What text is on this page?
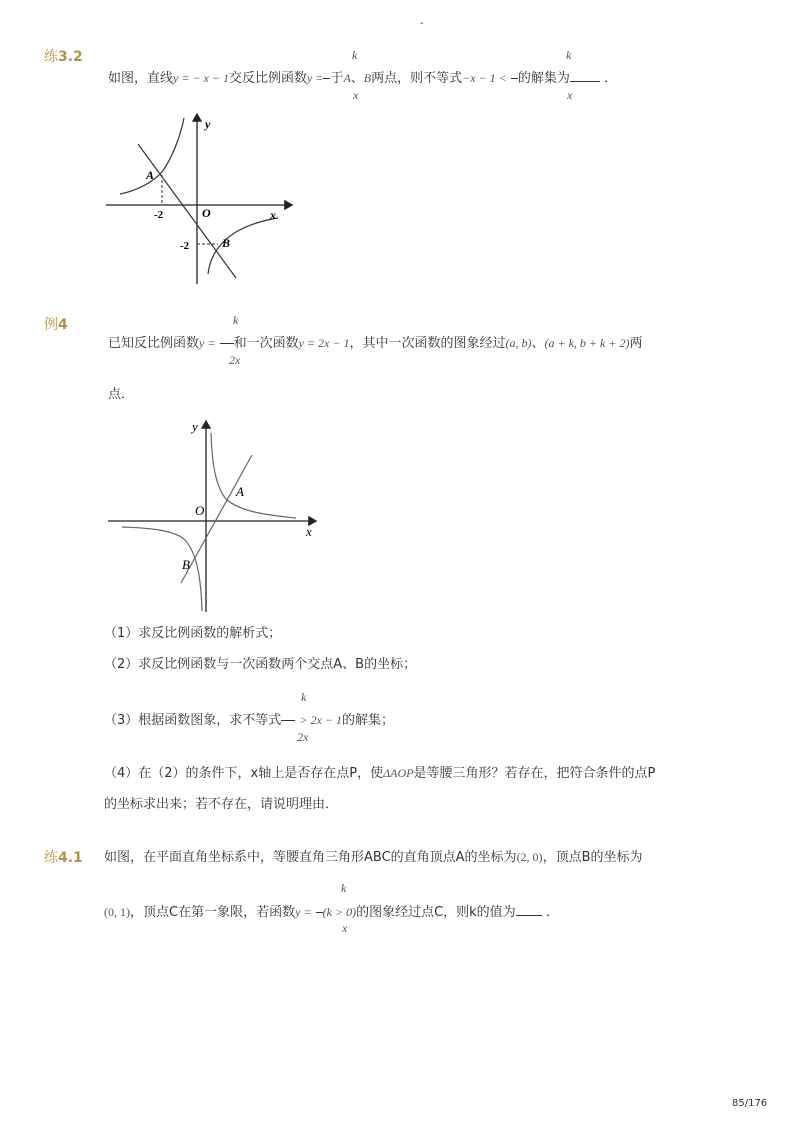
-
练3.2	k
x
k
x
如图，直线y = − x − 1交反比例函数y = 于A、B两点，则不等式−x − 1 < 的解集为	．
y
x
O
A
B
-2
-2
例4	k
2x
已知反比例函数y = 和一次函数y = 2x − 1，其中一次函数的图象经过(a, b)、(a + k, b + k + 2)两
点．
y
x
O
A
B
（1）求反比例函数的解析式；
（2）求反比例函数与一次函数两个交点A、B的坐标；
k
2x
（3）根据函数图象，求不等式 > 2x − 1的解集；
（4）在（2）的条件下，x轴上是否存在点P，使ΔAOP是等腰三角形？若存在，把符合条件的点P
的坐标求出来；若不存在，请说明理由．
练4.1 如图，在平面直角坐标系中，等腰直角三角形ABC的直角顶点A的坐标为(2, 0)，顶点B的坐标为
k
x
(0, 1)，顶点C在第一象限，若函数y = (k > 0)的图象经过点C，则k的值为 ．
85/176
